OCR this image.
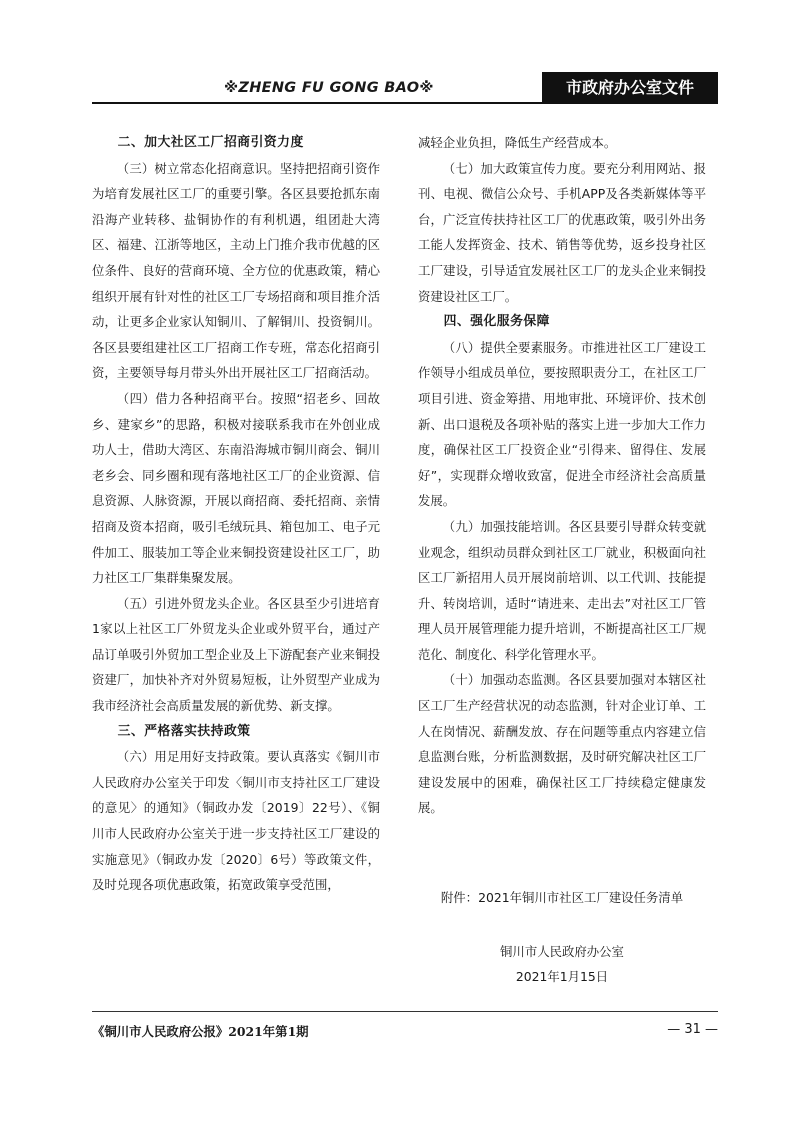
※ZHENG FU GONG BAO※	市政府办公室文件

二、加大社区工厂招商引资力度

（三）树立常态化招商意识。坚持把招商引资作为培育发展社区工厂的重要引擎。各区县要抢抓东南沿海产业转移、盐铜协作的有利机遇，组团赴大湾区、福建、江浙等地区，主动上门推介我市优越的区位条件、良好的营商环境、全方位的优惠政策，精心组织开展有针对性的社区工厂专场招商和项目推介活动，让更多企业家认知铜川、了解铜川、投资铜川。各区县要组建社区工厂招商工作专班，常态化招商引资，主要领导每月带头外出开展社区工厂招商活动。

（四）借力各种招商平台。按照“招老乡、回故乡、建家乡”的思路，积极对接联系我市在外创业成功人士，借助大湾区、东南沿海城市铜川商会、铜川老乡会、同乡圈和现有落地社区工厂的企业资源、信息资源、人脉资源，开展以商招商、委托招商、亲情招商及资本招商，吸引毛绒玩具、箱包加工、电子元件加工、服装加工等企业来铜投资建设社区工厂，助力社区工厂集群集聚发展。

（五）引进外贸龙头企业。各区县至少引进培育1家以上社区工厂外贸龙头企业或外贸平台，通过产品订单吸引外贸加工型企业及上下游配套产业来铜投资建厂，加快补齐对外贸易短板，让外贸型产业成为我市经济社会高质量发展的新优势、新支撑。

三、严格落实扶持政策

（六）用足用好支持政策。要认真落实《铜川市人民政府办公室关于印发〈铜川市支持社区工厂建设的意见〉的通知》（铜政办发〔2019〕22号）、《铜川市人民政府办公室关于进一步支持社区工厂建设的实施意见》（铜政办发〔2020〕6号）等政策文件，及时兑现各项优惠政策，拓宽政策享受范围，

减轻企业负担，降低生产经营成本。

（七）加大政策宣传力度。要充分利用网站、报刊、电视、微信公众号、手机APP及各类新媒体等平台，广泛宣传扶持社区工厂的优惠政策，吸引外出务工能人发挥资金、技术、销售等优势，返乡投身社区工厂建设，引导适宜发展社区工厂的龙头企业来铜投资建设社区工厂。

四、强化服务保障

（八）提供全要素服务。市推进社区工厂建设工作领导小组成员单位，要按照职责分工，在社区工厂项目引进、资金筹措、用地审批、环境评价、技术创新、出口退税及各项补贴的落实上进一步加大工作力度，确保社区工厂投资企业“引得来、留得住、发展好”，实现群众增收致富，促进全市经济社会高质量发展。

（九）加强技能培训。各区县要引导群众转变就业观念，组织动员群众到社区工厂就业，积极面向社区工厂新招用人员开展岗前培训、以工代训、技能提升、转岗培训，适时“请进来、走出去”对社区工厂管理人员开展管理能力提升培训，不断提高社区工厂规范化、制度化、科学化管理水平。

（十）加强动态监测。各区县要加强对本辖区社区工厂生产经营状况的动态监测，针对企业订单、工人在岗情况、薪酬发放、存在问题等重点内容建立信息监测台账，分析监测数据，及时研究解决社区工厂建设发展中的困难，确保社区工厂持续稳定健康发展。

附件：2021年铜川市社区工厂建设任务清单
铜川市人民政府办公室
2021年1月15日
《铜川市人民政府公报》2021年第1期	— 31 —
